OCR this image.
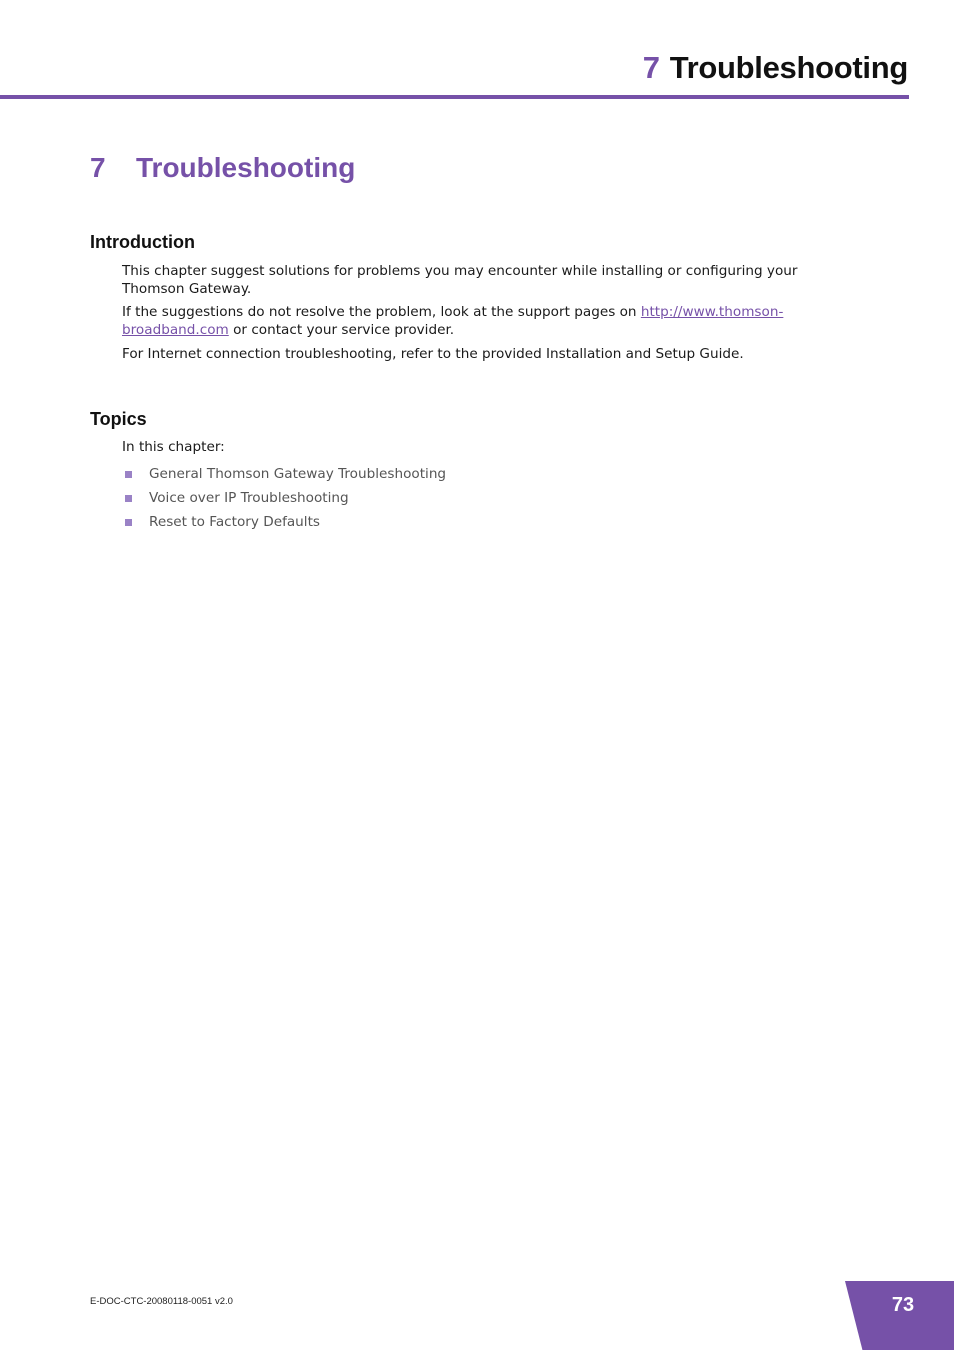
7 Troubleshooting
7 Troubleshooting
Introduction

This chapter suggest solutions for problems you may encounter while installing or configuring your Thomson Gateway.

If the suggestions do not resolve the problem, look at the support pages on http://www.thomson-
broadband.com or contact your service provider.

For Internet connection troubleshooting, refer to the provided Installation and Setup Guide.

Topics

In this chapter:

General Thomson Gateway Troubleshooting
Voice over IP Troubleshooting
Reset to Factory Defaults

E-DOC-CTC-20080118-0051 v2.0	73
